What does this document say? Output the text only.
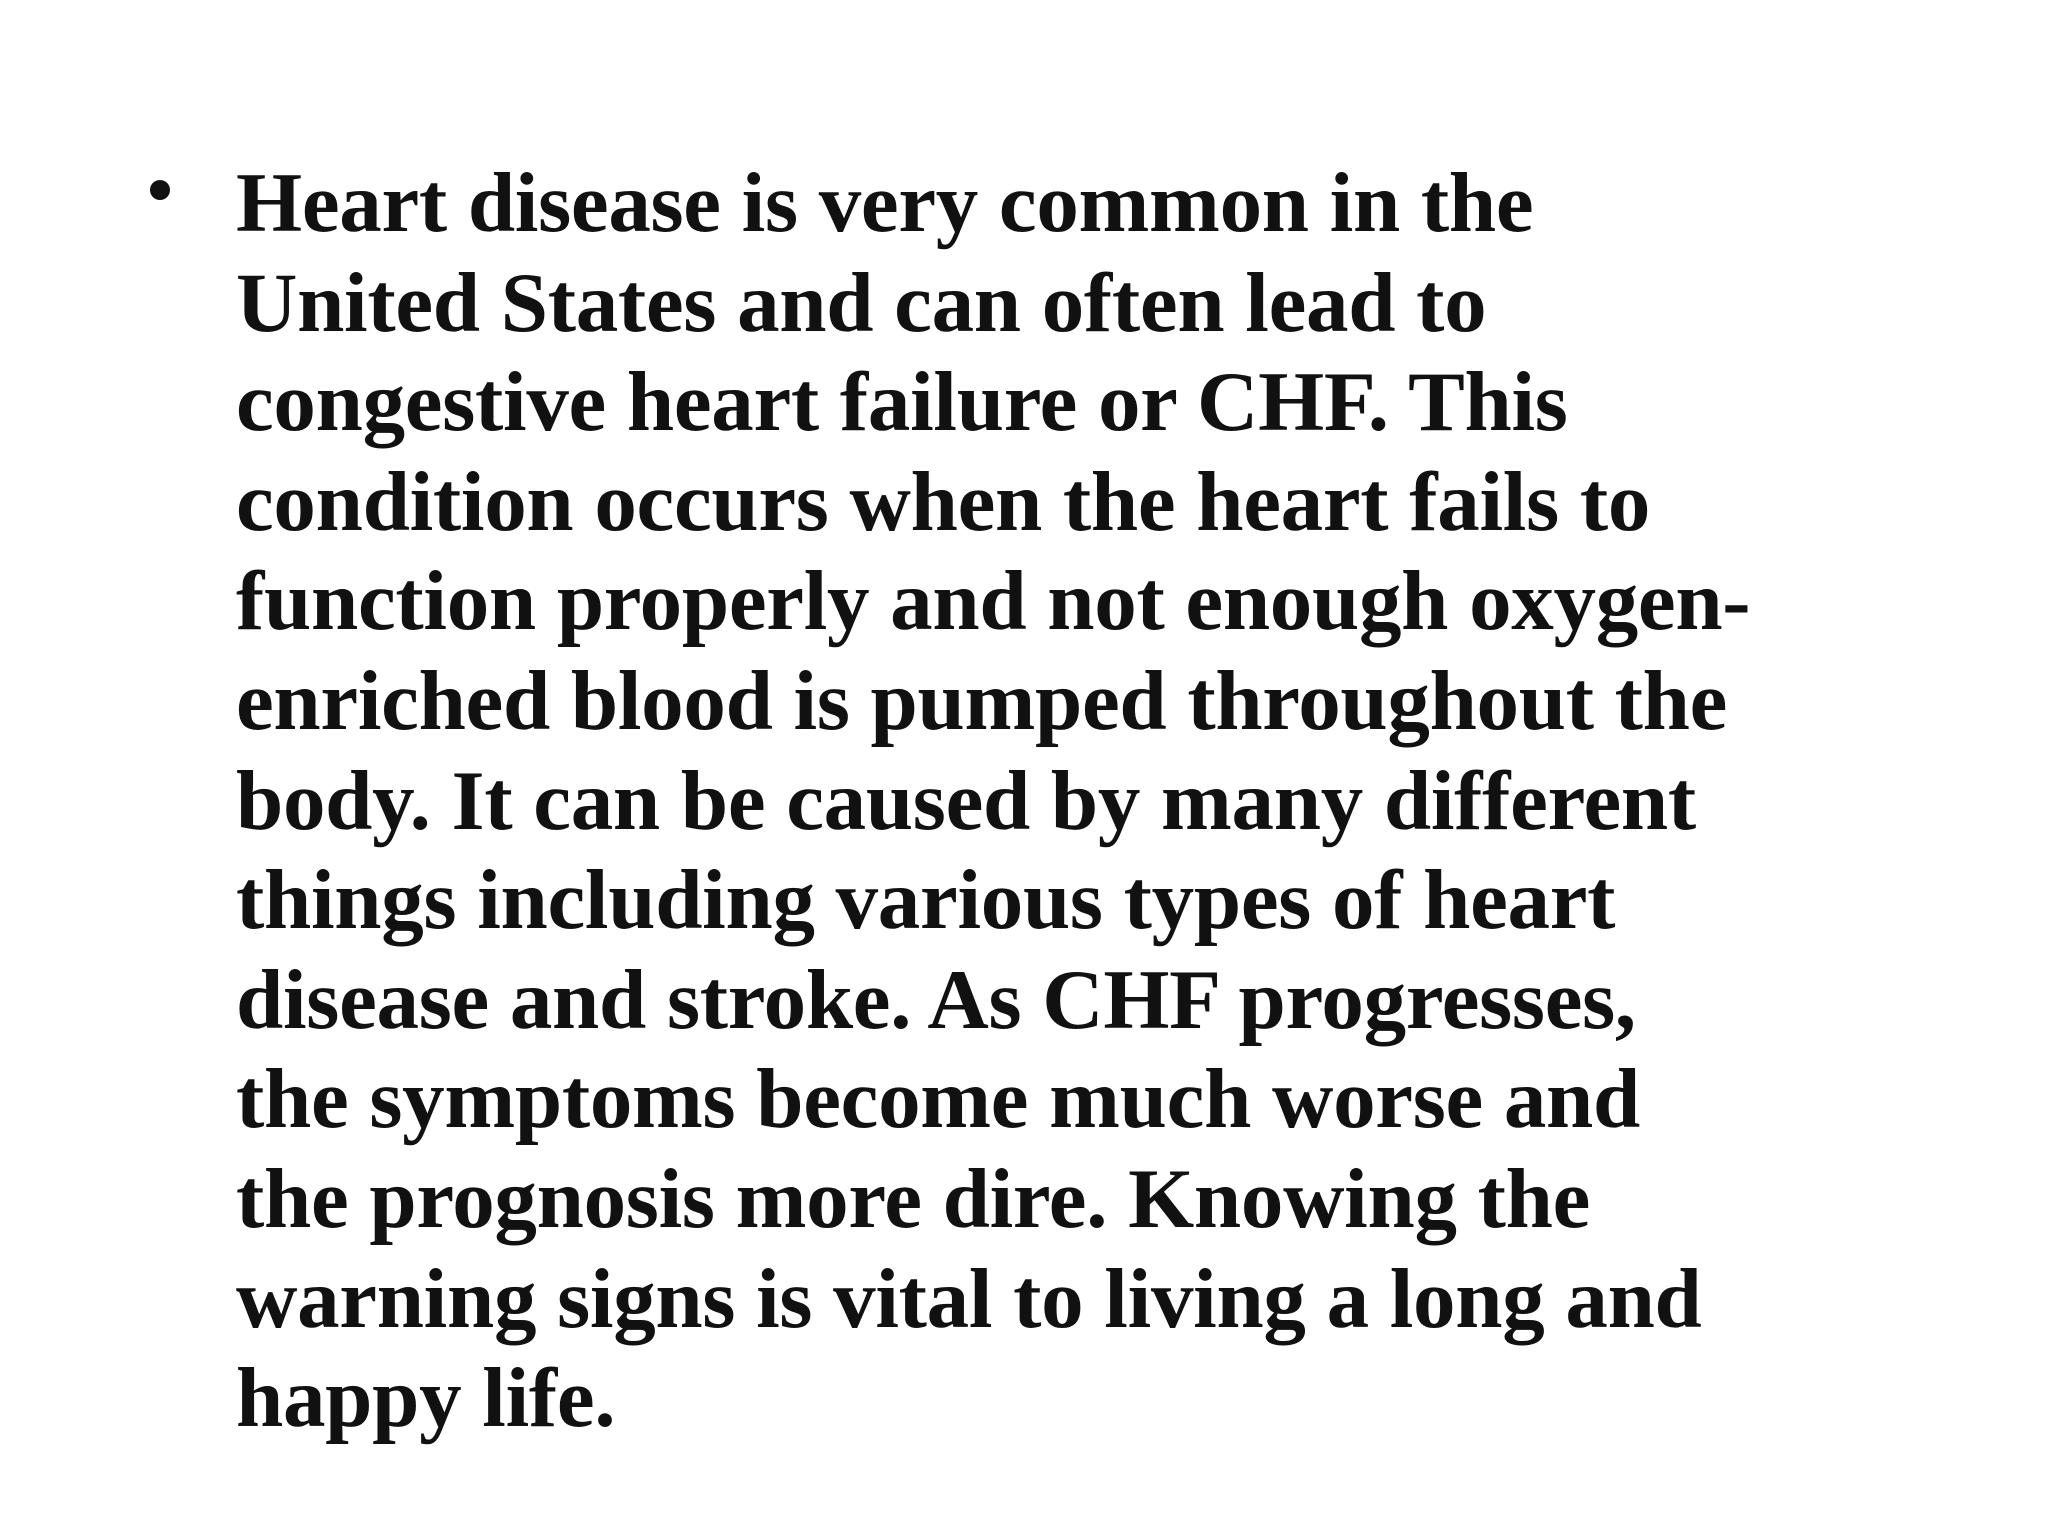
Heart disease is very common in the
United States and can often lead to
congestive heart failure or CHF. This
condition occurs when the heart fails to
function properly and not enough oxygen-
enriched blood is pumped throughout the
body. It can be caused by many different
things including various types of heart
disease and stroke. As CHF progresses,
the symptoms become much worse and
the prognosis more dire. Knowing the
warning signs is vital to living a long and
happy life.
